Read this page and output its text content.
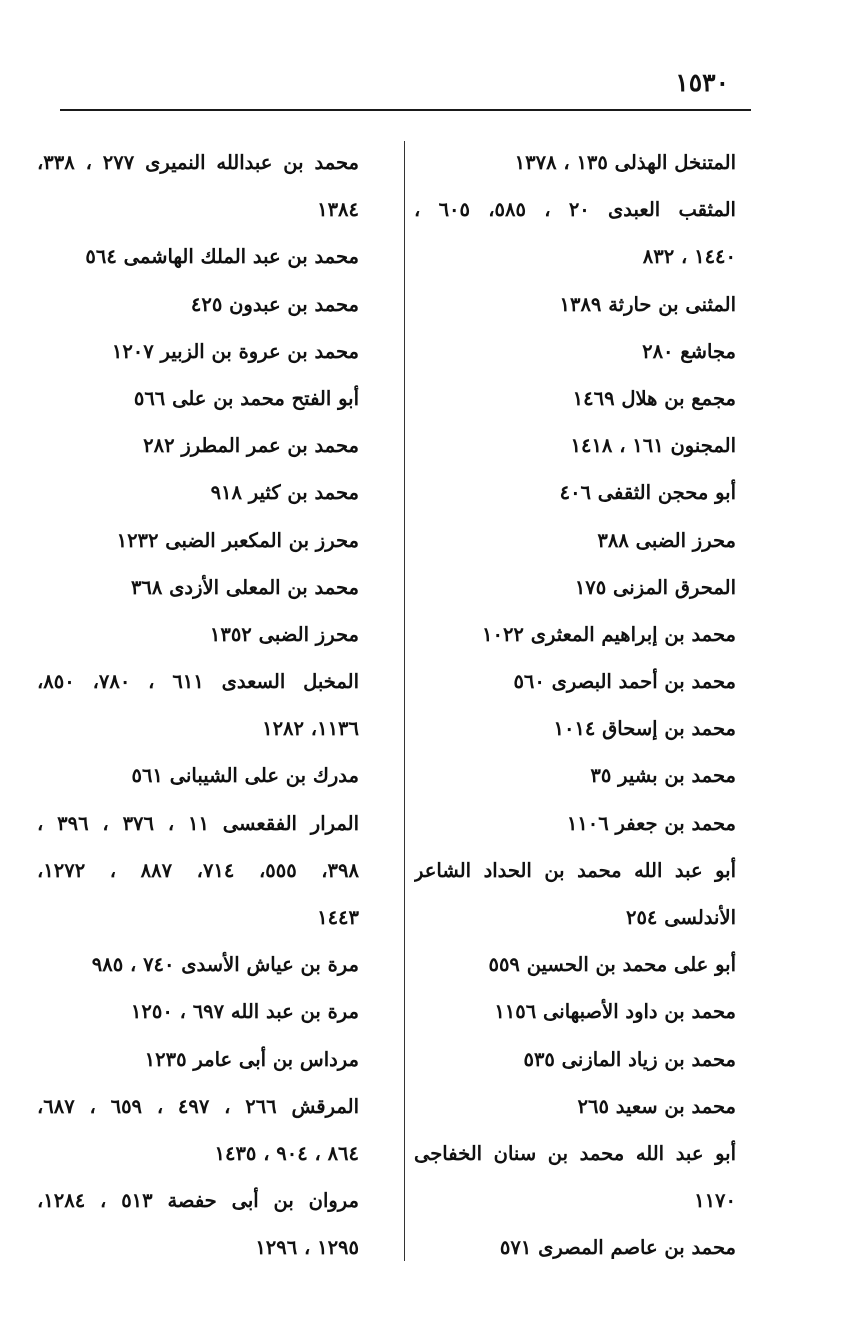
١٥٣٠
المتنخل الهذلى ١٣٥ ، ١٣٧٨
المثقب العبدى ٢٠ ، ٥٨٥، ٦٠٥ ،
١٤٤٠ ، ٨٣٢
المثنى بن حارثة ١٣٨٩
مجاشع ٢٨٠
مجمع بن هلال ١٤٦٩
المجنون ١٦١ ، ١٤١٨
أبو محجن الثقفى ٤٠٦
محرز الضبى ٣٨٨
المحرق المزنى ١٧٥
محمد بن إبراهيم المعثرى ١٠٢٢
محمد بن أحمد البصرى ٥٦٠
محمد بن إسحاق ١٠١٤
محمد بن بشير ٣٥
محمد بن جعفر ١١٠٦
أبو عبد الله محمد بن الحداد الشاعر
الأندلسى ٢٥٤
أبو على محمد بن الحسين ٥٥٩
محمد بن داود الأصبهانى ١١٥٦
محمد بن زياد المازنى ٥٣٥
محمد بن سعيد ٢٦٥
أبو عبد الله محمد بن سنان الخفاجى
١١٧٠
محمد بن عاصم المصرى ٥٧١
محمد بن عبدالله النميرى ٢٧٧ ، ٣٣٨،
١٣٨٤
محمد بن عبد الملك الهاشمى ٥٦٤
محمد بن عبدون ٤٢٥
محمد بن عروة بن الزبير ١٢٠٧
أبو الفتح محمد بن على ٥٦٦
محمد بن عمر المطرز ٢٨٢
محمد بن كثير ٩١٨
محرز بن المكعبر الضبى ١٢٣٢
محمد بن المعلى الأزدى ٣٦٨
محرز الضبى ١٣٥٢
المخبل السعدى ٦١١ ، ٧٨٠، ٨٥٠،
١١٣٦، ١٢٨٢
مدرك بن على الشيبانى ٥٦١
المرار الفقعسى ١١ ، ٣٧٦ ، ٣٩٦ ،
٣٩٨، ٥٥٥، ٧١٤، ٨٨٧ ، ١٢٧٢،
١٤٤٣
مرة بن عياش الأسدى ٧٤٠ ، ٩٨٥
مرة بن عبد الله ٦٩٧ ، ١٢٥٠
مرداس بن أبى عامر ١٢٣٥
المرقش ٢٦٦ ، ٤٩٧ ، ٦٥٩ ، ٦٨٧،
٨٦٤ ، ٩٠٤ ، ١٤٣٥
مروان بن أبى حفصة ٥١٣ ، ١٢٨٤،
١٢٩٥ ، ١٢٩٦
